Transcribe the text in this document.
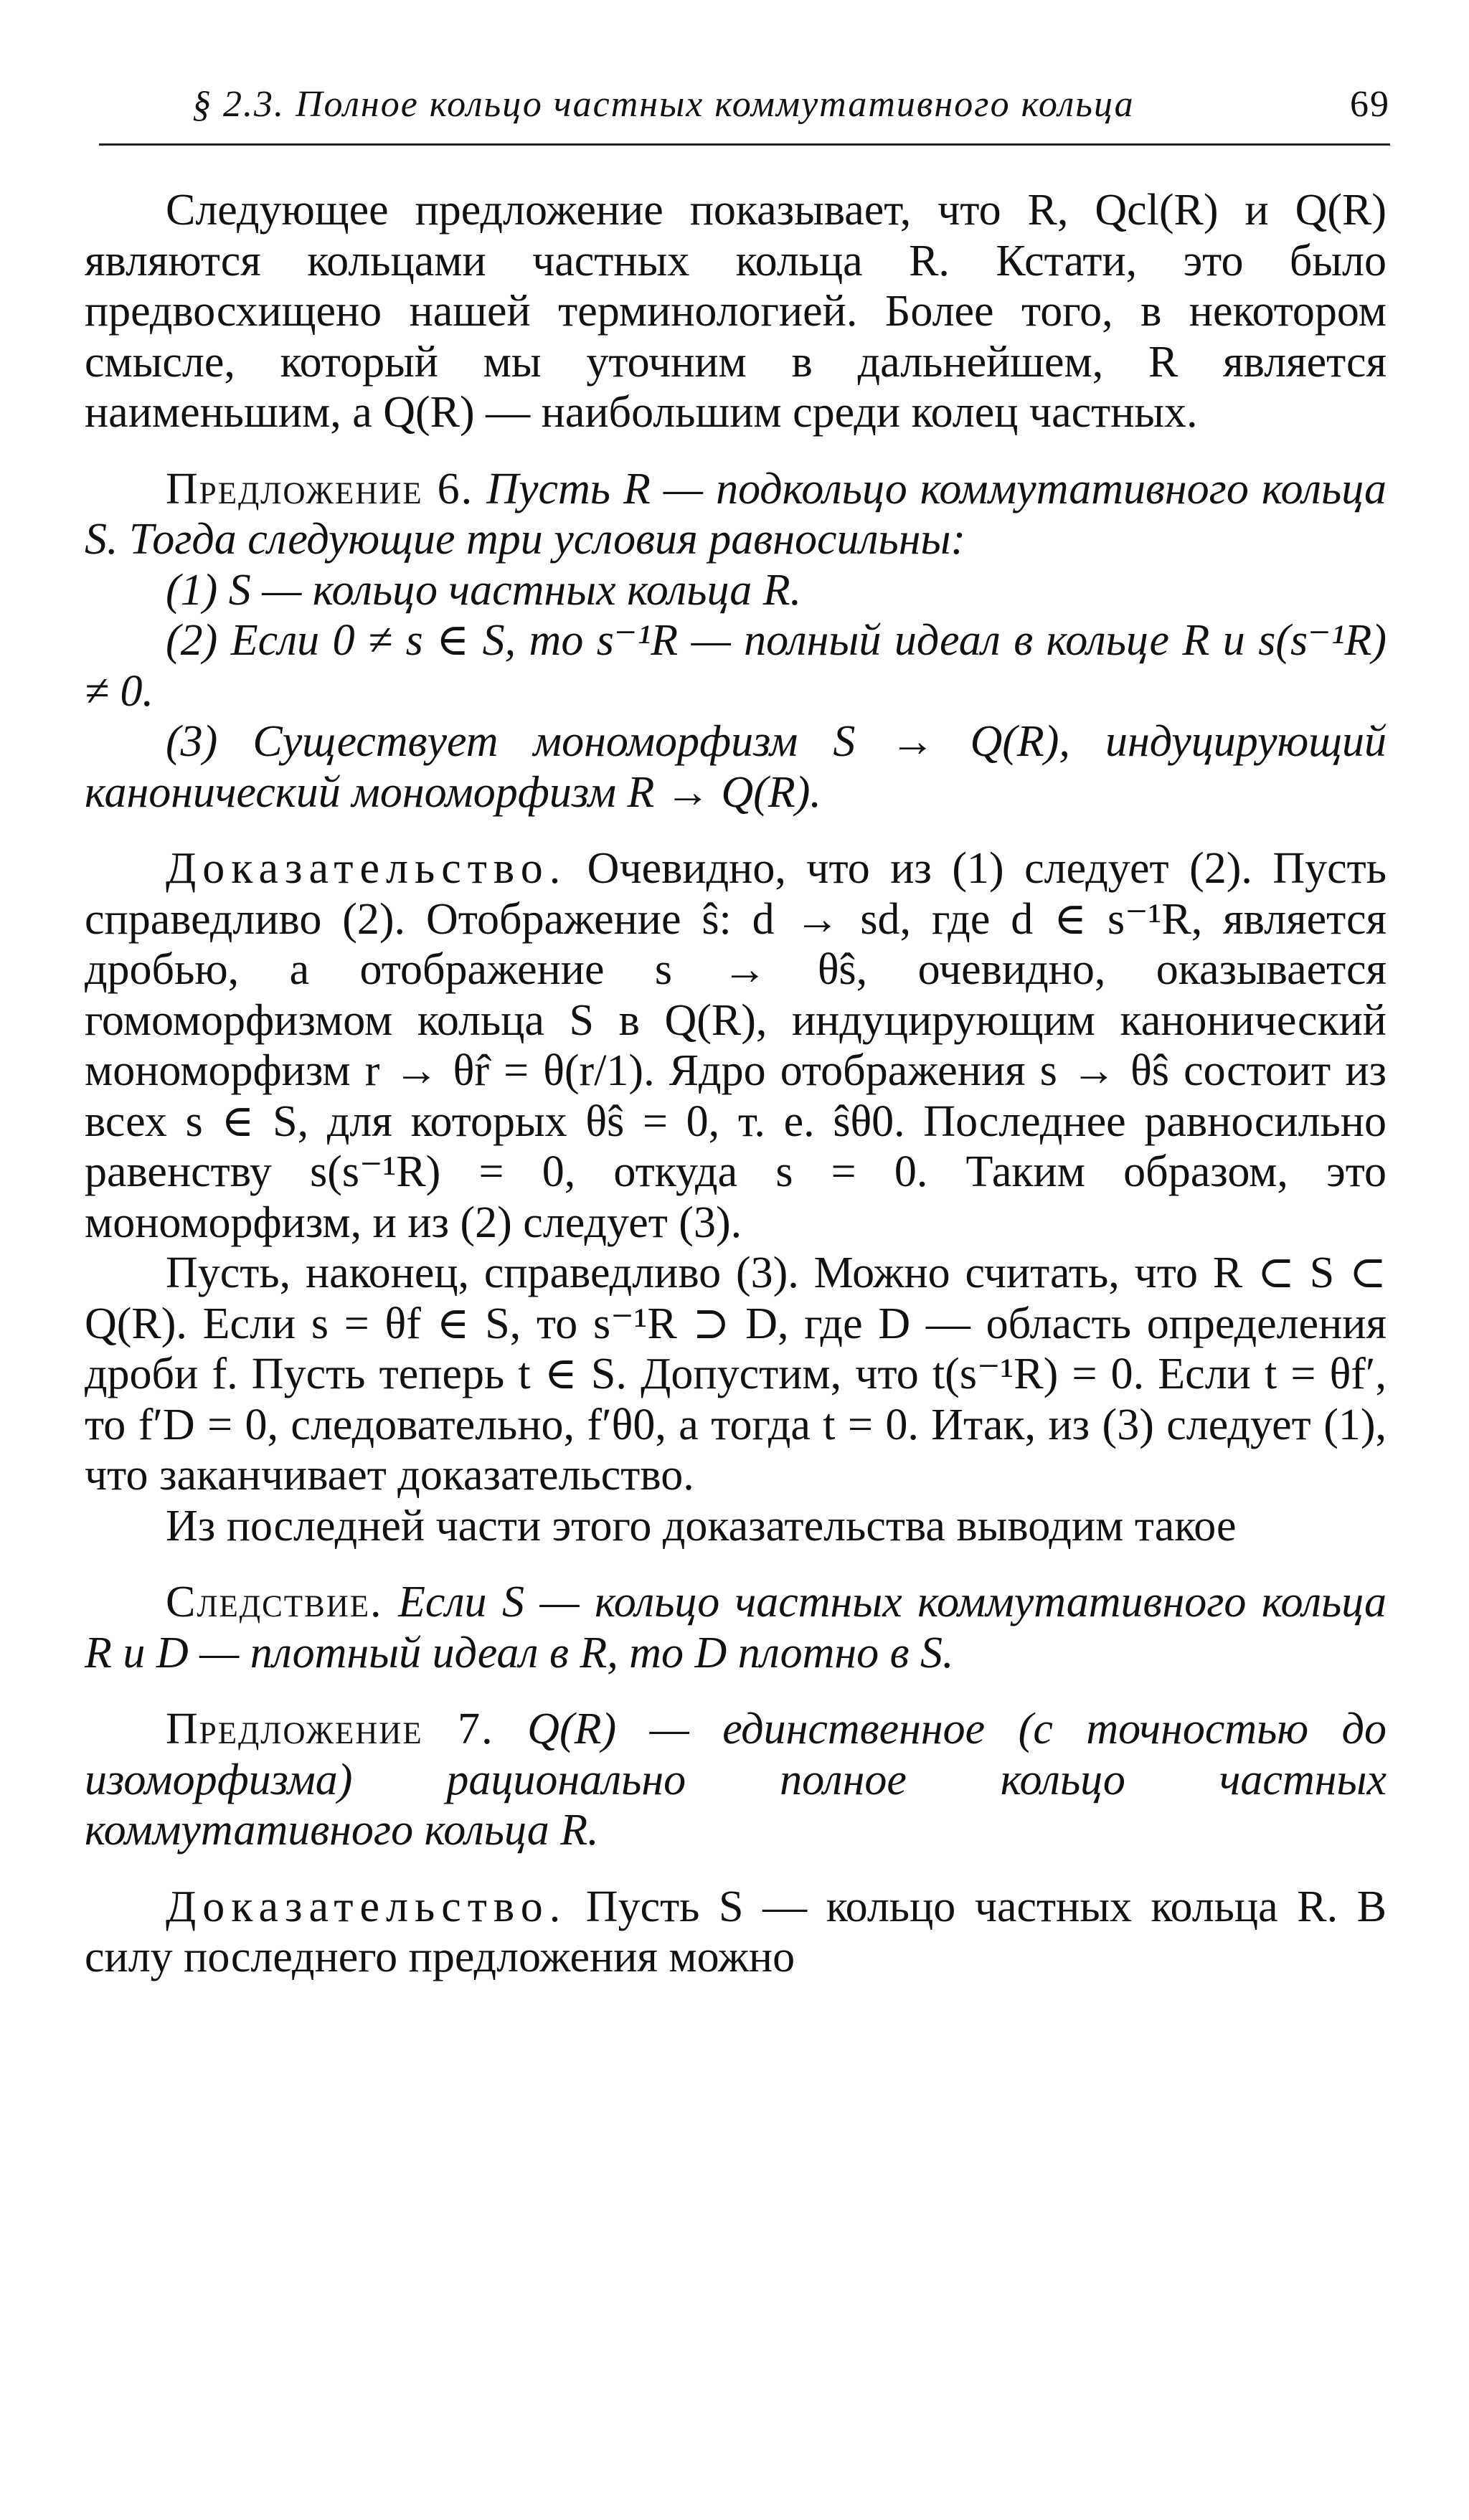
§ 2.3. Полное кольцо частных коммутативного кольца	69

Следующее предложение показывает, что R, Qcl(R) и Q(R) являются кольцами частных кольца R. Кстати, это было предвосхищено нашей терминологией. Более того, в некотором смысле, который мы уточним в дальнейшем, R является наименьшим, а Q(R) — наибольшим среди колец частных.

Предложение 6. Пусть R — подкольцо коммутативного кольца S. Тогда следующие три условия равносильны:

(1) S — кольцо частных кольца R.

(2) Если 0 ≠ s ∈ S, то s⁻¹R — полный идеал в кольце R и s(s⁻¹R) ≠ 0.

(3) Существует мономорфизм S → Q(R), индуцирующий канонический мономорфизм R → Q(R).

Доказательство. Очевидно, что из (1) следует (2). Пусть справедливо (2). Отображение ŝ: d → sd, где d ∈ s⁻¹R, является дробью, а отображение s → θŝ, очевидно, оказывается гомоморфизмом кольца S в Q(R), индуцирующим канонический мономорфизм r → θr̂ = θ(r/1). Ядро отображения s → θŝ состоит из всех s ∈ S, для которых θŝ = 0, т. е. ŝθ0. Последнее равносильно равенству s(s⁻¹R) = 0, откуда s = 0. Таким образом, это мономорфизм, и из (2) следует (3).

Пусть, наконец, справедливо (3). Можно считать, что R ⊂ S ⊂ Q(R). Если s = θf ∈ S, то s⁻¹R ⊃ D, где D — область определения дроби f. Пусть теперь t ∈ S. Допустим, что t(s⁻¹R) = 0. Если t = θf′, то f′D = 0, следовательно, f′θ0, а тогда t = 0. Итак, из (3) следует (1), что заканчивает доказательство.

Из последней части этого доказательства выводим такое

Следствие. Если S — кольцо частных коммутативного кольца R и D — плотный идеал в R, то D плотно в S.

Предложение 7. Q(R) — единственное (с точностью до изоморфизма) рационально полное кольцо частных коммутативного кольца R.

Доказательство. Пусть S — кольцо частных кольца R. В силу последнего предложения можно
